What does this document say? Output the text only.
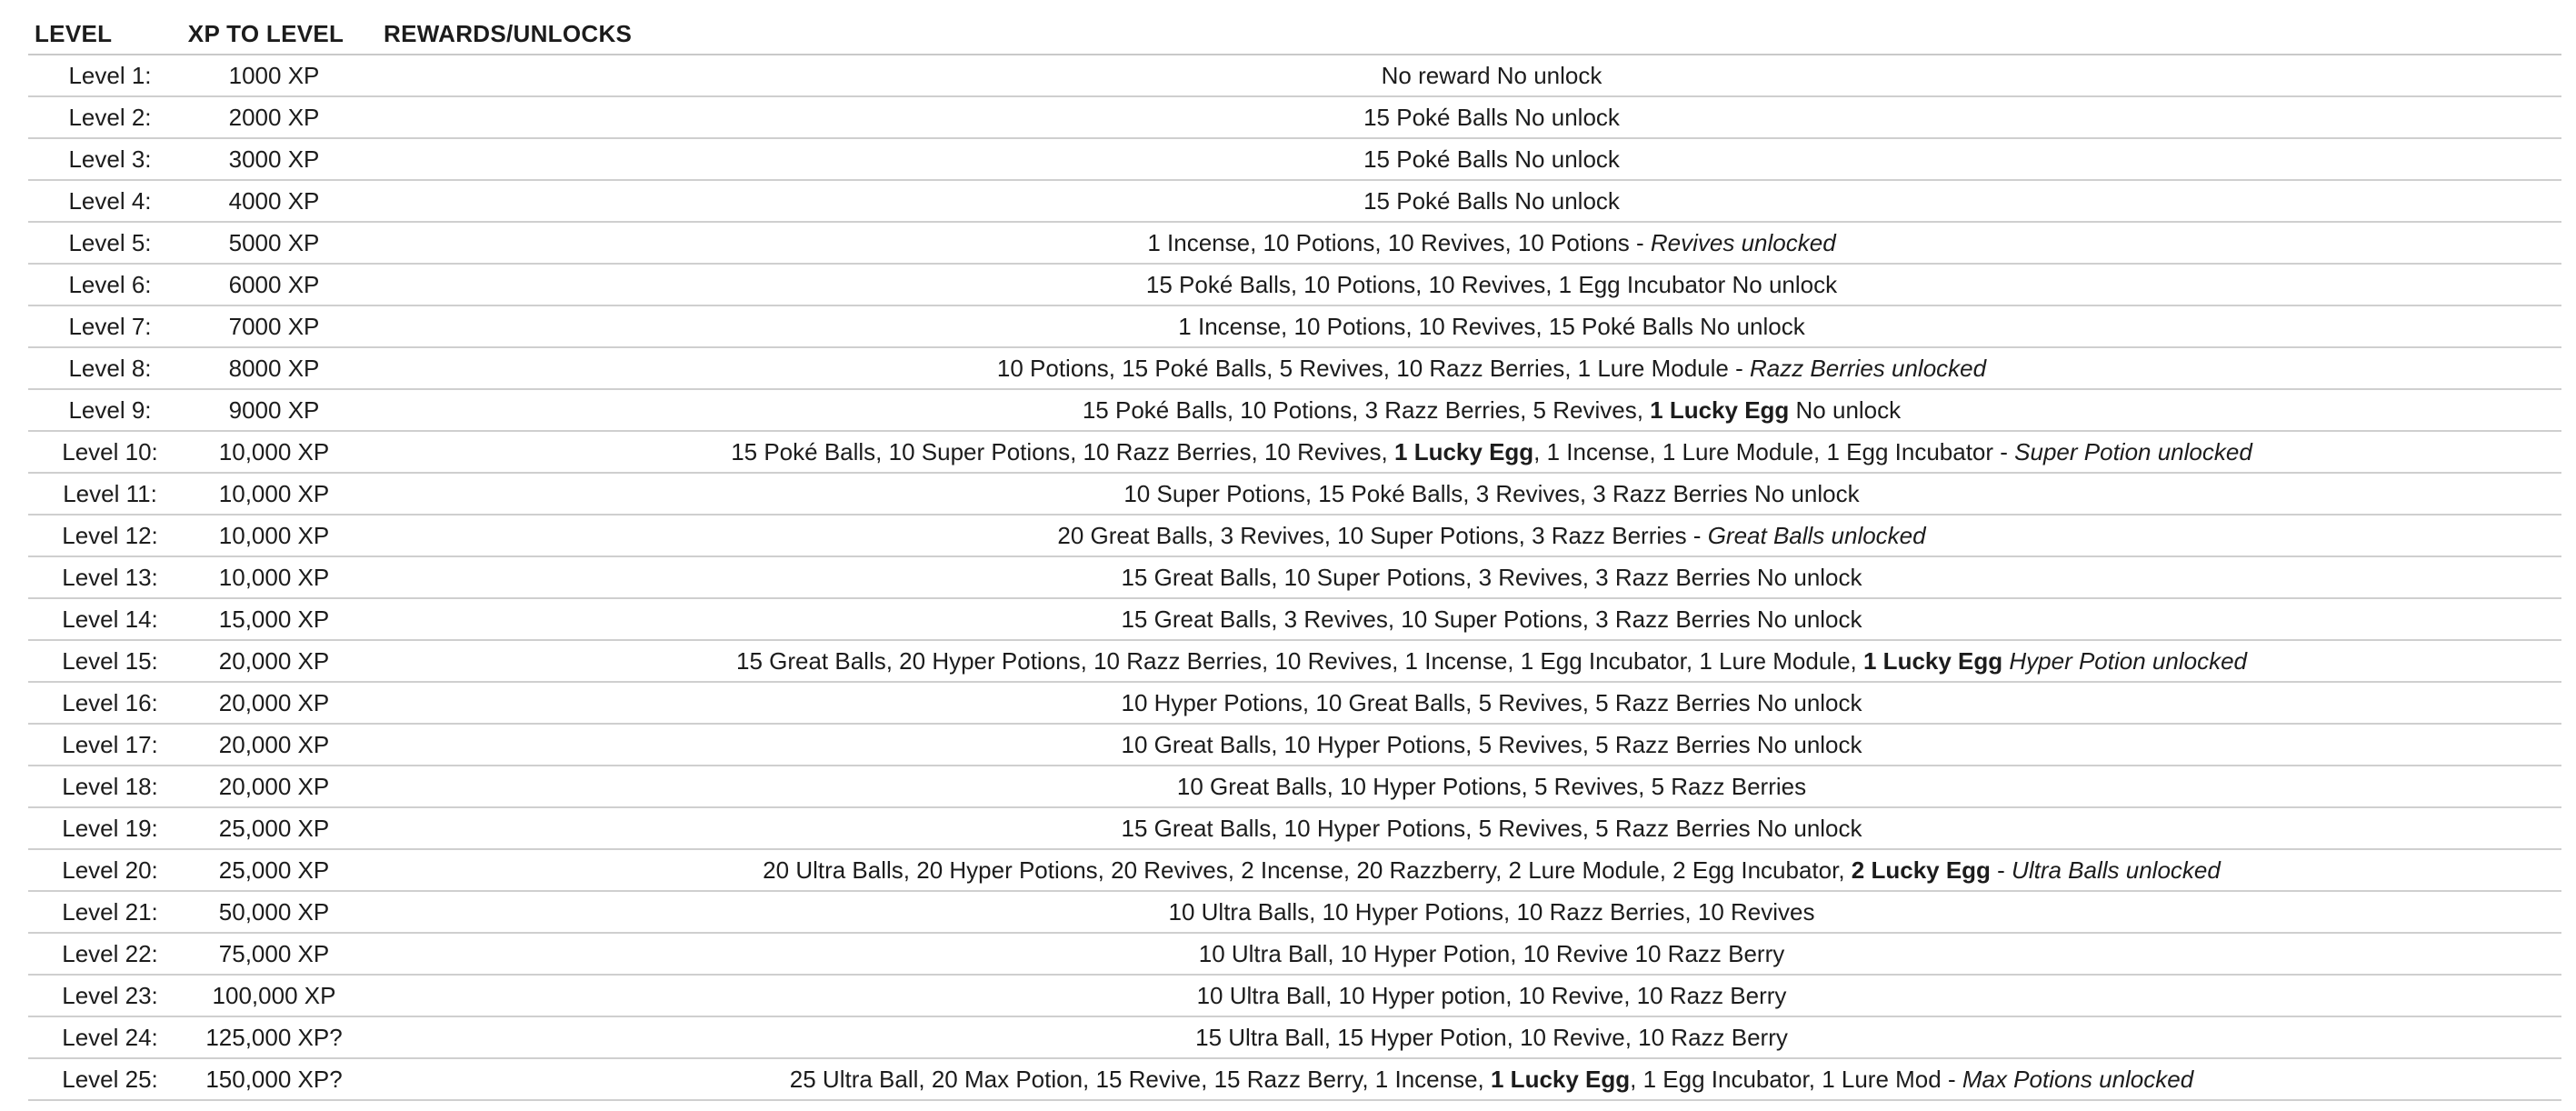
LEVEL	XP TO LEVEL	REWARDS/UNLOCKS
Level 1:	1000 XP	No reward No unlock
Level 2:	2000 XP	15 Poké Balls No unlock
Level 3:	3000 XP	15 Poké Balls No unlock
Level 4:	4000 XP	15 Poké Balls No unlock
Level 5:	5000 XP	1 Incense, 10 Potions, 10 Revives, 10 Potions - Revives unlocked
Level 6:	6000 XP	15 Poké Balls, 10 Potions, 10 Revives, 1 Egg Incubator No unlock
Level 7:	7000 XP	1 Incense, 10 Potions, 10 Revives, 15 Poké Balls No unlock
Level 8:	8000 XP	10 Potions, 15 Poké Balls, 5 Revives, 10 Razz Berries, 1 Lure Module - Razz Berries unlocked
Level 9:	9000 XP	15 Poké Balls, 10 Potions, 3 Razz Berries, 5 Revives, 1 Lucky Egg No unlock
Level 10:	10,000 XP	15 Poké Balls, 10 Super Potions, 10 Razz Berries, 10 Revives, 1 Lucky Egg, 1 Incense, 1 Lure Module, 1 Egg Incubator - Super Potion unlocked
Level 11:	10,000 XP	10 Super Potions, 15 Poké Balls, 3 Revives, 3 Razz Berries No unlock
Level 12:	10,000 XP	20 Great Balls, 3 Revives, 10 Super Potions, 3 Razz Berries - Great Balls unlocked
Level 13:	10,000 XP	15 Great Balls, 10 Super Potions, 3 Revives, 3 Razz Berries No unlock
Level 14:	15,000 XP	15 Great Balls, 3 Revives, 10 Super Potions, 3 Razz Berries No unlock
Level 15:	20,000 XP	15 Great Balls, 20 Hyper Potions, 10 Razz Berries, 10 Revives, 1 Incense, 1 Egg Incubator, 1 Lure Module, 1 Lucky Egg Hyper Potion unlocked
Level 16:	20,000 XP	10 Hyper Potions, 10 Great Balls, 5 Revives, 5 Razz Berries No unlock
Level 17:	20,000 XP	10 Great Balls, 10 Hyper Potions, 5 Revives, 5 Razz Berries No unlock
Level 18:	20,000 XP	10 Great Balls, 10 Hyper Potions, 5 Revives, 5 Razz Berries
Level 19:	25,000 XP	15 Great Balls, 10 Hyper Potions, 5 Revives, 5 Razz Berries No unlock
Level 20:	25,000 XP	20 Ultra Balls, 20 Hyper Potions, 20 Revives, 2 Incense, 20 Razzberry, 2 Lure Module, 2 Egg Incubator, 2 Lucky Egg - Ultra Balls unlocked
Level 21:	50,000 XP	10 Ultra Balls, 10 Hyper Potions, 10 Razz Berries, 10 Revives
Level 22:	75,000 XP	10 Ultra Ball, 10 Hyper Potion, 10 Revive 10 Razz Berry
Level 23:	100,000 XP	10 Ultra Ball, 10 Hyper potion, 10 Revive, 10 Razz Berry
Level 24:	125,000 XP?	15 Ultra Ball, 15 Hyper Potion, 10 Revive, 10 Razz Berry
Level 25:	150,000 XP?	25 Ultra Ball, 20 Max Potion, 15 Revive, 15 Razz Berry, 1 Incense, 1 Lucky Egg, 1 Egg Incubator, 1 Lure Mod - Max Potions unlocked
